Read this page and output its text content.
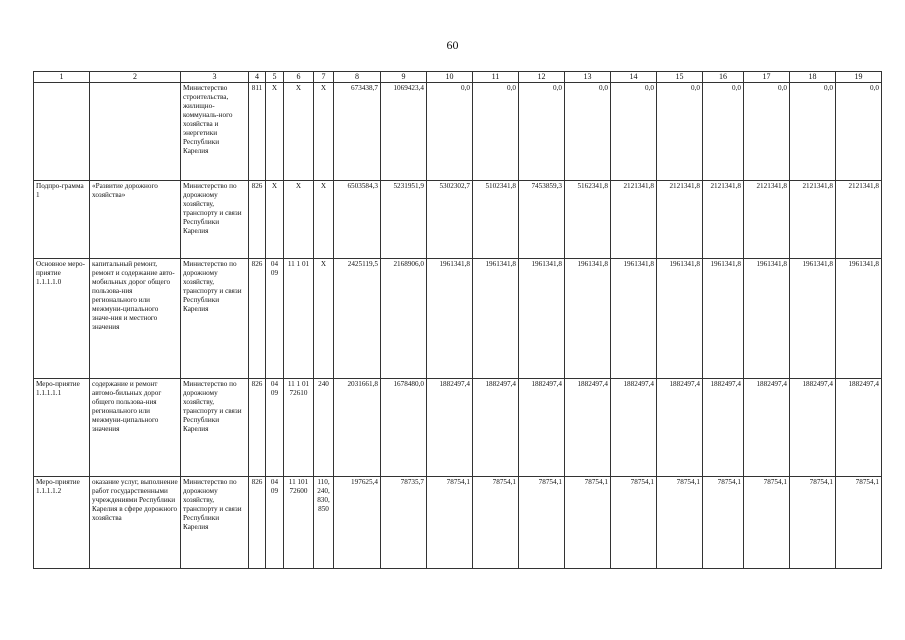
60
1	2	3	4	5	6	7	8	9	10	11	12	13	14	15	16	17	18	19
		Министерство строительства, жилищно-коммуналь-ного хозяйства и энергетики Республики Карелия	811	Х	Х	Х	673438,7	1069423,4	0,0	0,0	0,0	0,0	0,0	0,0	0,0	0,0	0,0	0,0
Подпро-грамма 1	«Развитие дорожного хозяйства»	Министерство по дорожному хозяйству, транспорту и связи Республики Карелия	826	Х	Х	Х	6503584,3	5231951,9	5302302,7	5102341,8	7453859,3	5162341,8	2121341,8	2121341,8	2121341,8	2121341,8	2121341,8	2121341,8
Основное меро-приятие 1.1.1.1.0	капитальный ремонт, ремонт и содержание авто-мобильных дорог общего пользова-ния регионального или межмуни-ципального значе-ния и местного значения	Министерство по дорожному хозяйству, транспорту и связи Республики Карелия	826	04 09	11 1 01	Х	2425119,5	2168906,0	1961341,8	1961341,8	1961341,8	1961341,8	1961341,8	1961341,8	1961341,8	1961341,8	1961341,8	1961341,8
Меро-приятие 1.1.1.1.1	содержание и ремонт автомо-бильных дорог общего пользова-ния регионального или межмуни-ципального значения	Министерство по дорожному хозяйству, транспорту и связи Республики Карелия	826	04 09	11 1 01 72610	240	2031661,8	1678480,0	1882497,4	1882497,4	1882497,4	1882497,4	1882497,4	1882497,4	1882497,4	1882497,4	1882497,4	1882497,4
Меро-приятие 1.1.1.1.2	оказание услуг, выполнение работ государственными учреждениями Республики Карелия в сфере дорожного хозяйства	Министерство по дорожному хозяйству, транспорту и связи Республики Карелия	826	04 09	11 101 72600	110, 240, 830, 850	197625,4	78735,7	78754,1	78754,1	78754,1	78754,1	78754,1	78754,1	78754,1	78754,1	78754,1	78754,1
